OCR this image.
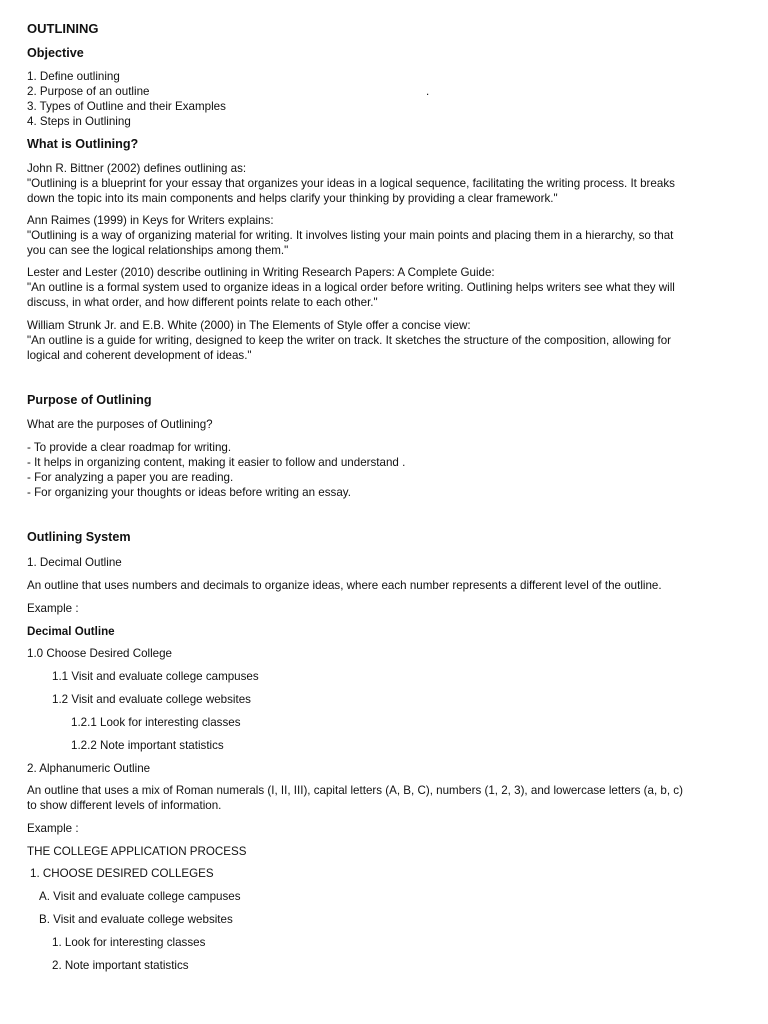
OUTLINING

Objective

1. Define outlining

2. Purpose of an outline	.

3. Types of Outline and their Examples

4. Steps in Outlining

What is Outlining?

John R. Bittner (2002) defines outlining as:

"Outlining is a blueprint for your essay that organizes your ideas in a logical sequence, facilitating the writing process. It breaks

down the topic into its main components and helps clarify your thinking by providing a clear framework."

Ann Raimes (1999) in Keys for Writers explains:

"Outlining is a way of organizing material for writing. It involves listing your main points and placing them in a hierarchy, so that

you can see the logical relationships among them."

Lester and Lester (2010) describe outlining in Writing Research Papers: A Complete Guide:

"An outline is a formal system used to organize ideas in a logical order before writing. Outlining helps writers see what they will

discuss, in what order, and how different points relate to each other."

William Strunk Jr. and E.B. White (2000) in The Elements of Style offer a concise view:

"An outline is a guide for writing, designed to keep the writer on track. It sketches the structure of the composition, allowing for

logical and coherent development of ideas."

Purpose of Outlining

What are the purposes of Outlining?

- To provide a clear roadmap for writing.

- It helps in organizing content, making it easier to follow and understand .

- For analyzing a paper you are reading.

- For organizing your thoughts or ideas before writing an essay.

Outlining System

1. Decimal Outline

An outline that uses numbers and decimals to organize ideas, where each number represents a different level of the outline.

Example :

Decimal Outline

1.0 Choose Desired College

1.1 Visit and evaluate college campuses

1.2 Visit and evaluate college websites

1.2.1 Look for interesting classes

1.2.2 Note important statistics

2. Alphanumeric Outline

An outline that uses a mix of Roman numerals (I, II, III), capital letters (A, B, C), numbers (1, 2, 3), and lowercase letters (a, b, c)

to show different levels of information.

Example :

THE COLLEGE APPLICATION PROCESS

1. CHOOSE DESIRED COLLEGES

A. Visit and evaluate college campuses

B. Visit and evaluate college websites

1. Look for interesting classes

2. Note important statistics
